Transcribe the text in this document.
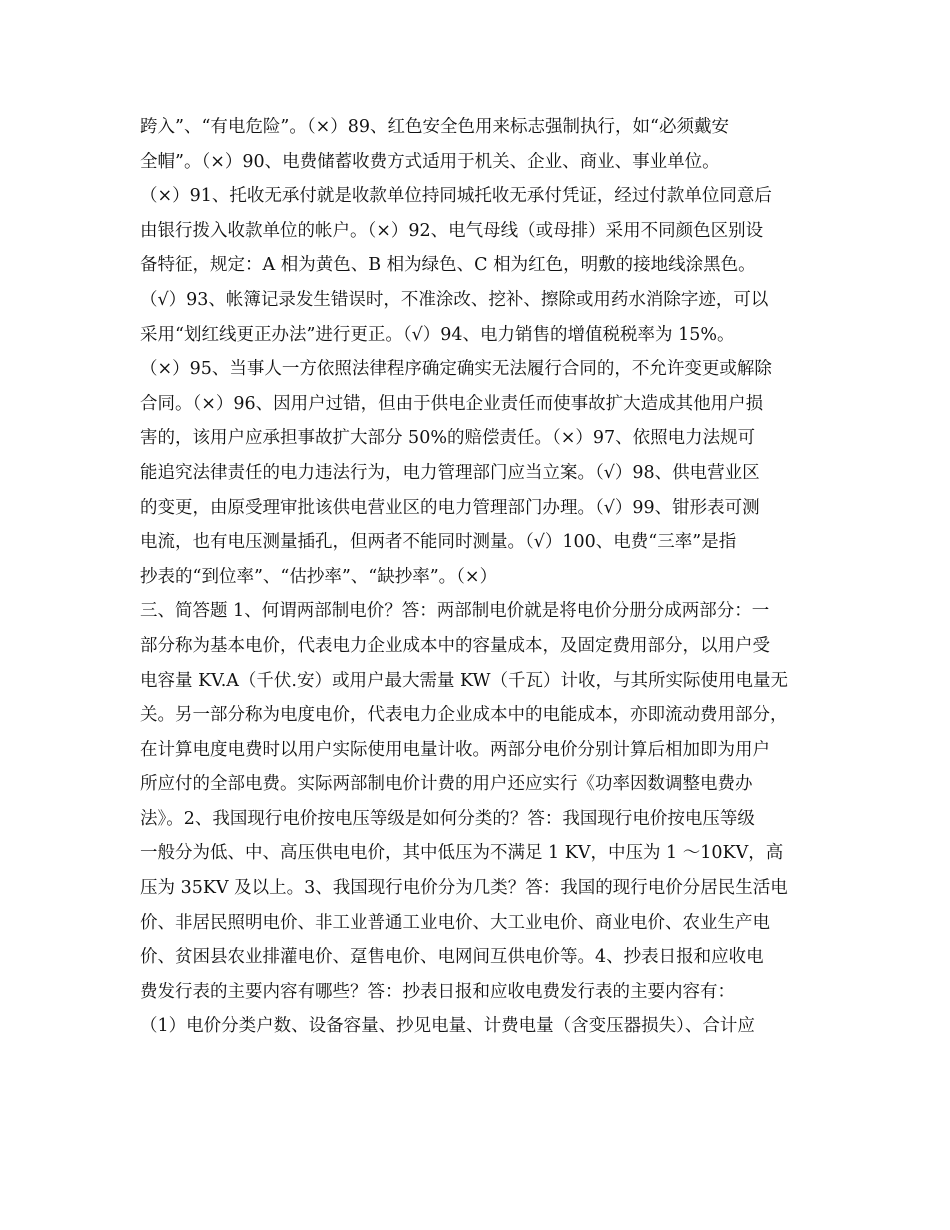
跨入”、“有电危险”。（×）89、红色安全色用来标志强制执行，如“必须戴安
全帽”。（×）90、电费储蓄收费方式适用于机关、企业、商业、事业单位。
（×）91、托收无承付就是收款单位持同城托收无承付凭证，经过付款单位同意后
由银行拨入收款单位的帐户。（×）92、电气母线（或母排）采用不同颜色区别设
备特征，规定：A 相为黄色、B 相为绿色、C 相为红色，明敷的接地线涂黑色。
（√）93、帐簿记录发生错误时，不准涂改、挖补、擦除或用药水消除字迹，可以
采用“划红线更正办法”进行更正。（√）94、电力销售的增值税税率为 15%。
（×）95、当事人一方依照法律程序确定确实无法履行合同的，不允许变更或解除
合同。（×）96、因用户过错，但由于供电企业责任而使事故扩大造成其他用户损
害的，该用户应承担事故扩大部分 50%的赔偿责任。（×）97、依照电力法规可
能追究法律责任的电力违法行为，电力管理部门应当立案。（√）98、供电营业区
的变更，由原受理审批该供电营业区的电力管理部门办理。（√）99、钳形表可测
电流，也有电压测量插孔，但两者不能同时测量。（√）100、电费“三率”是指
抄表的“到位率”、“估抄率”、“缺抄率”。（×）
三、简答题 1、何谓两部制电价？答：两部制电价就是将电价分册分成两部分：一
部分称为基本电价，代表电力企业成本中的容量成本，及固定费用部分，以用户受
电容量 KV.A（千伏.安）或用户最大需量 KW（千瓦）计收，与其所实际使用电量无
关。另一部分称为电度电价，代表电力企业成本中的电能成本，亦即流动费用部分，
在计算电度电费时以用户实际使用电量计收。两部分电价分别计算后相加即为用户
所应付的全部电费。实际两部制电价计费的用户还应实行《功率因数调整电费办
法》。2、我国现行电价按电压等级是如何分类的？答：我国现行电价按电压等级
一般分为低、中、高压供电电价，其中低压为不满足 1 KV，中压为 1 ～10KV，高
压为 35KV 及以上。3、我国现行电价分为几类？答：我国的现行电价分居民生活电
价、非居民照明电价、非工业普通工业电价、大工业电价、商业电价、农业生产电
价、贫困县农业排灌电价、趸售电价、电网间互供电价等。4、抄表日报和应收电
费发行表的主要内容有哪些？答：抄表日报和应收电费发行表的主要内容有：
（1）电价分类户数、设备容量、抄见电量、计费电量（含变压器损失）、合计应
